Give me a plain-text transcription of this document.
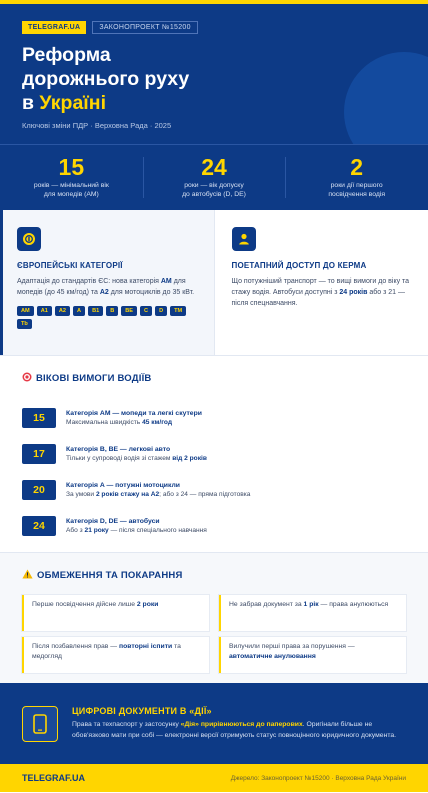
TELEGRAF.UA	ЗАКОНОПРОЕКТ №15200
Реформа
дорожнього руху
в Україні
Ключові зміни ПДР · Верховна Рада · 2025
15
років — мінімальний вік
для мопедів (AM)
24
роки — вік допуску
до автобусів (D, DE)
2
роки дії першого
посвідчення водія
ЄВРОПЕЙСЬКІ КАТЕГОРІЇ

Адаптація до стандартів ЄС: нова категорія AM для мопедів (до 45 км/год) та A2 для мотоциклів до 35 кВт.

AM	A1	A2	A	B1	B	BE	C	D	TM
Tb
ПОЕТАПНИЙ ДОСТУП ДО КЕРМА

Що потужніший транспорт — то вищі вимоги до віку та стажу водія. Автобуси доступні з 24 років або з 21 — після спецнавчання.

ВІКОВІ ВИМОГИ ВОДІЇВ
15	Категорія AM — мопеди та легкі скутери
Максимальна швидкість 45 км/год
17	Категорія B, BE — легкові авто
Тільки у супроводі водія зі стажем від 2 років
20	Категорія A — потужні мотоцикли
За умови 2 років стажу на A2; або з 24 — пряма підготовка
24	Категорія D, DE — автобуси
Або з 21 року — після спеціального навчання
ОБМЕЖЕННЯ ТА ПОКАРАННЯ
Перше посвідчення дійсне лише 2 роки	Не забрав документ за 1 рік — права анулюються
Після позбавлення прав — повторні іспити та медогляд
Вилучили перші права за порушення — автоматичне анулювання
ЦИФРОВІ ДОКУМЕНТИ В «ДІЇ»

Права та техпаспорт у застосунку «Дія» прирівнюються до паперових. Оригінали більше не обов'язково мати при собі — електронні версії отримують статус повноцінного юридичного документа.

TELEGRAF.UA	Джерело: Законопроект №15200 · Верховна Рада України
